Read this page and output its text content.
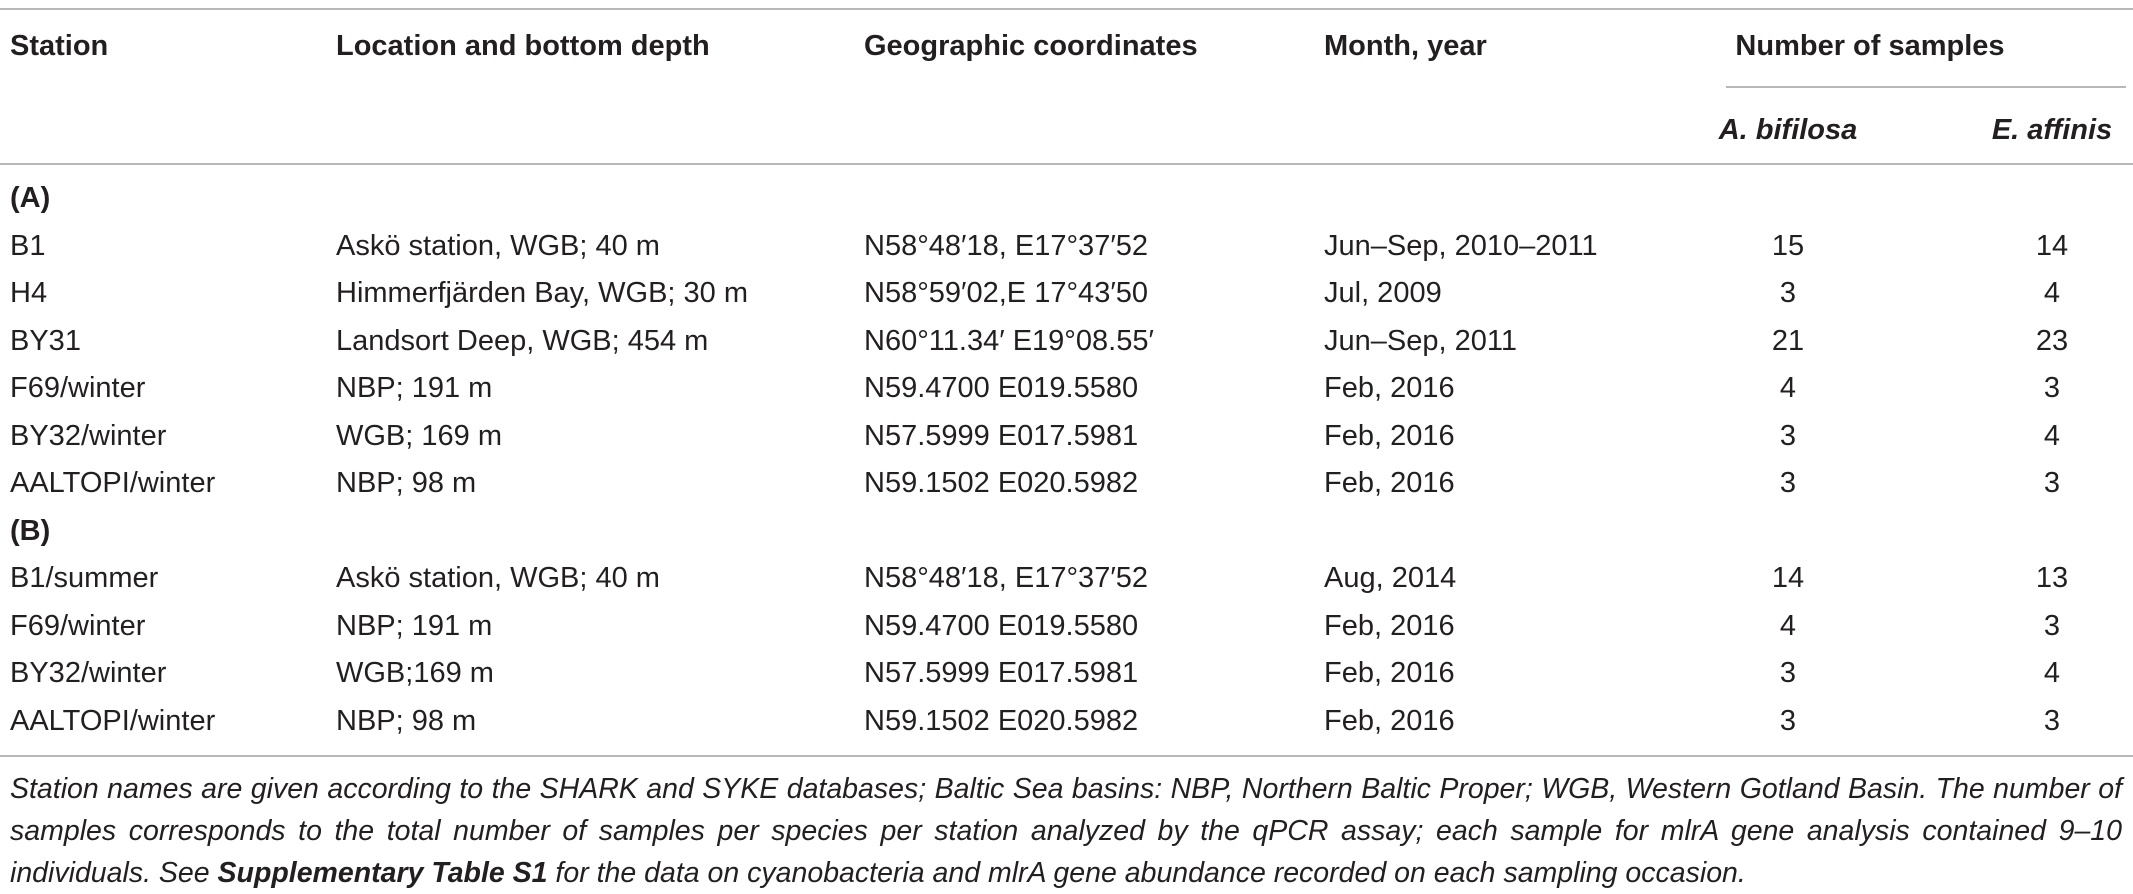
Station	Location and bottom depth	Geographic coordinates	Month, year	Number of samples
A. bifilosa	E. affinis
(A)
B1	Askö station, WGB; 40 m	N58°48′18, E17°37′52	Jun–Sep, 2010–2011	15	14
H4	Himmerfjärden Bay, WGB; 30 m	N58°59′02,E 17°43′50	Jul, 2009	3	4
BY31	Landsort Deep, WGB; 454 m	N60°11.34′ E19°08.55′	Jun–Sep, 2011	21	23
F69/winter	NBP; 191 m	N59.4700 E019.5580	Feb, 2016	4	3
BY32/winter	WGB; 169 m	N57.5999 E017.5981	Feb, 2016	3	4
AALTOPI/winter	NBP; 98 m	N59.1502 E020.5982	Feb, 2016	3	3
(B)
B1/summer	Askö station, WGB; 40 m	N58°48′18, E17°37′52	Aug, 2014	14	13
F69/winter	NBP; 191 m	N59.4700 E019.5580	Feb, 2016	4	3
BY32/winter	WGB;169 m	N57.5999 E017.5981	Feb, 2016	3	4
AALTOPI/winter	NBP; 98 m	N59.1502 E020.5982	Feb, 2016	3	3
Station names are given according to the SHARK and SYKE databases; Baltic Sea basins: NBP, Northern Baltic Proper; WGB, Western Gotland Basin. The number of samples corresponds to the total number of samples per species per station analyzed by the qPCR assay; each sample for mlrA gene analysis contained 9–10 individuals. See Supplementary Table S1 for the data on cyanobacteria and mlrA gene abundance recorded on each sampling occasion.
